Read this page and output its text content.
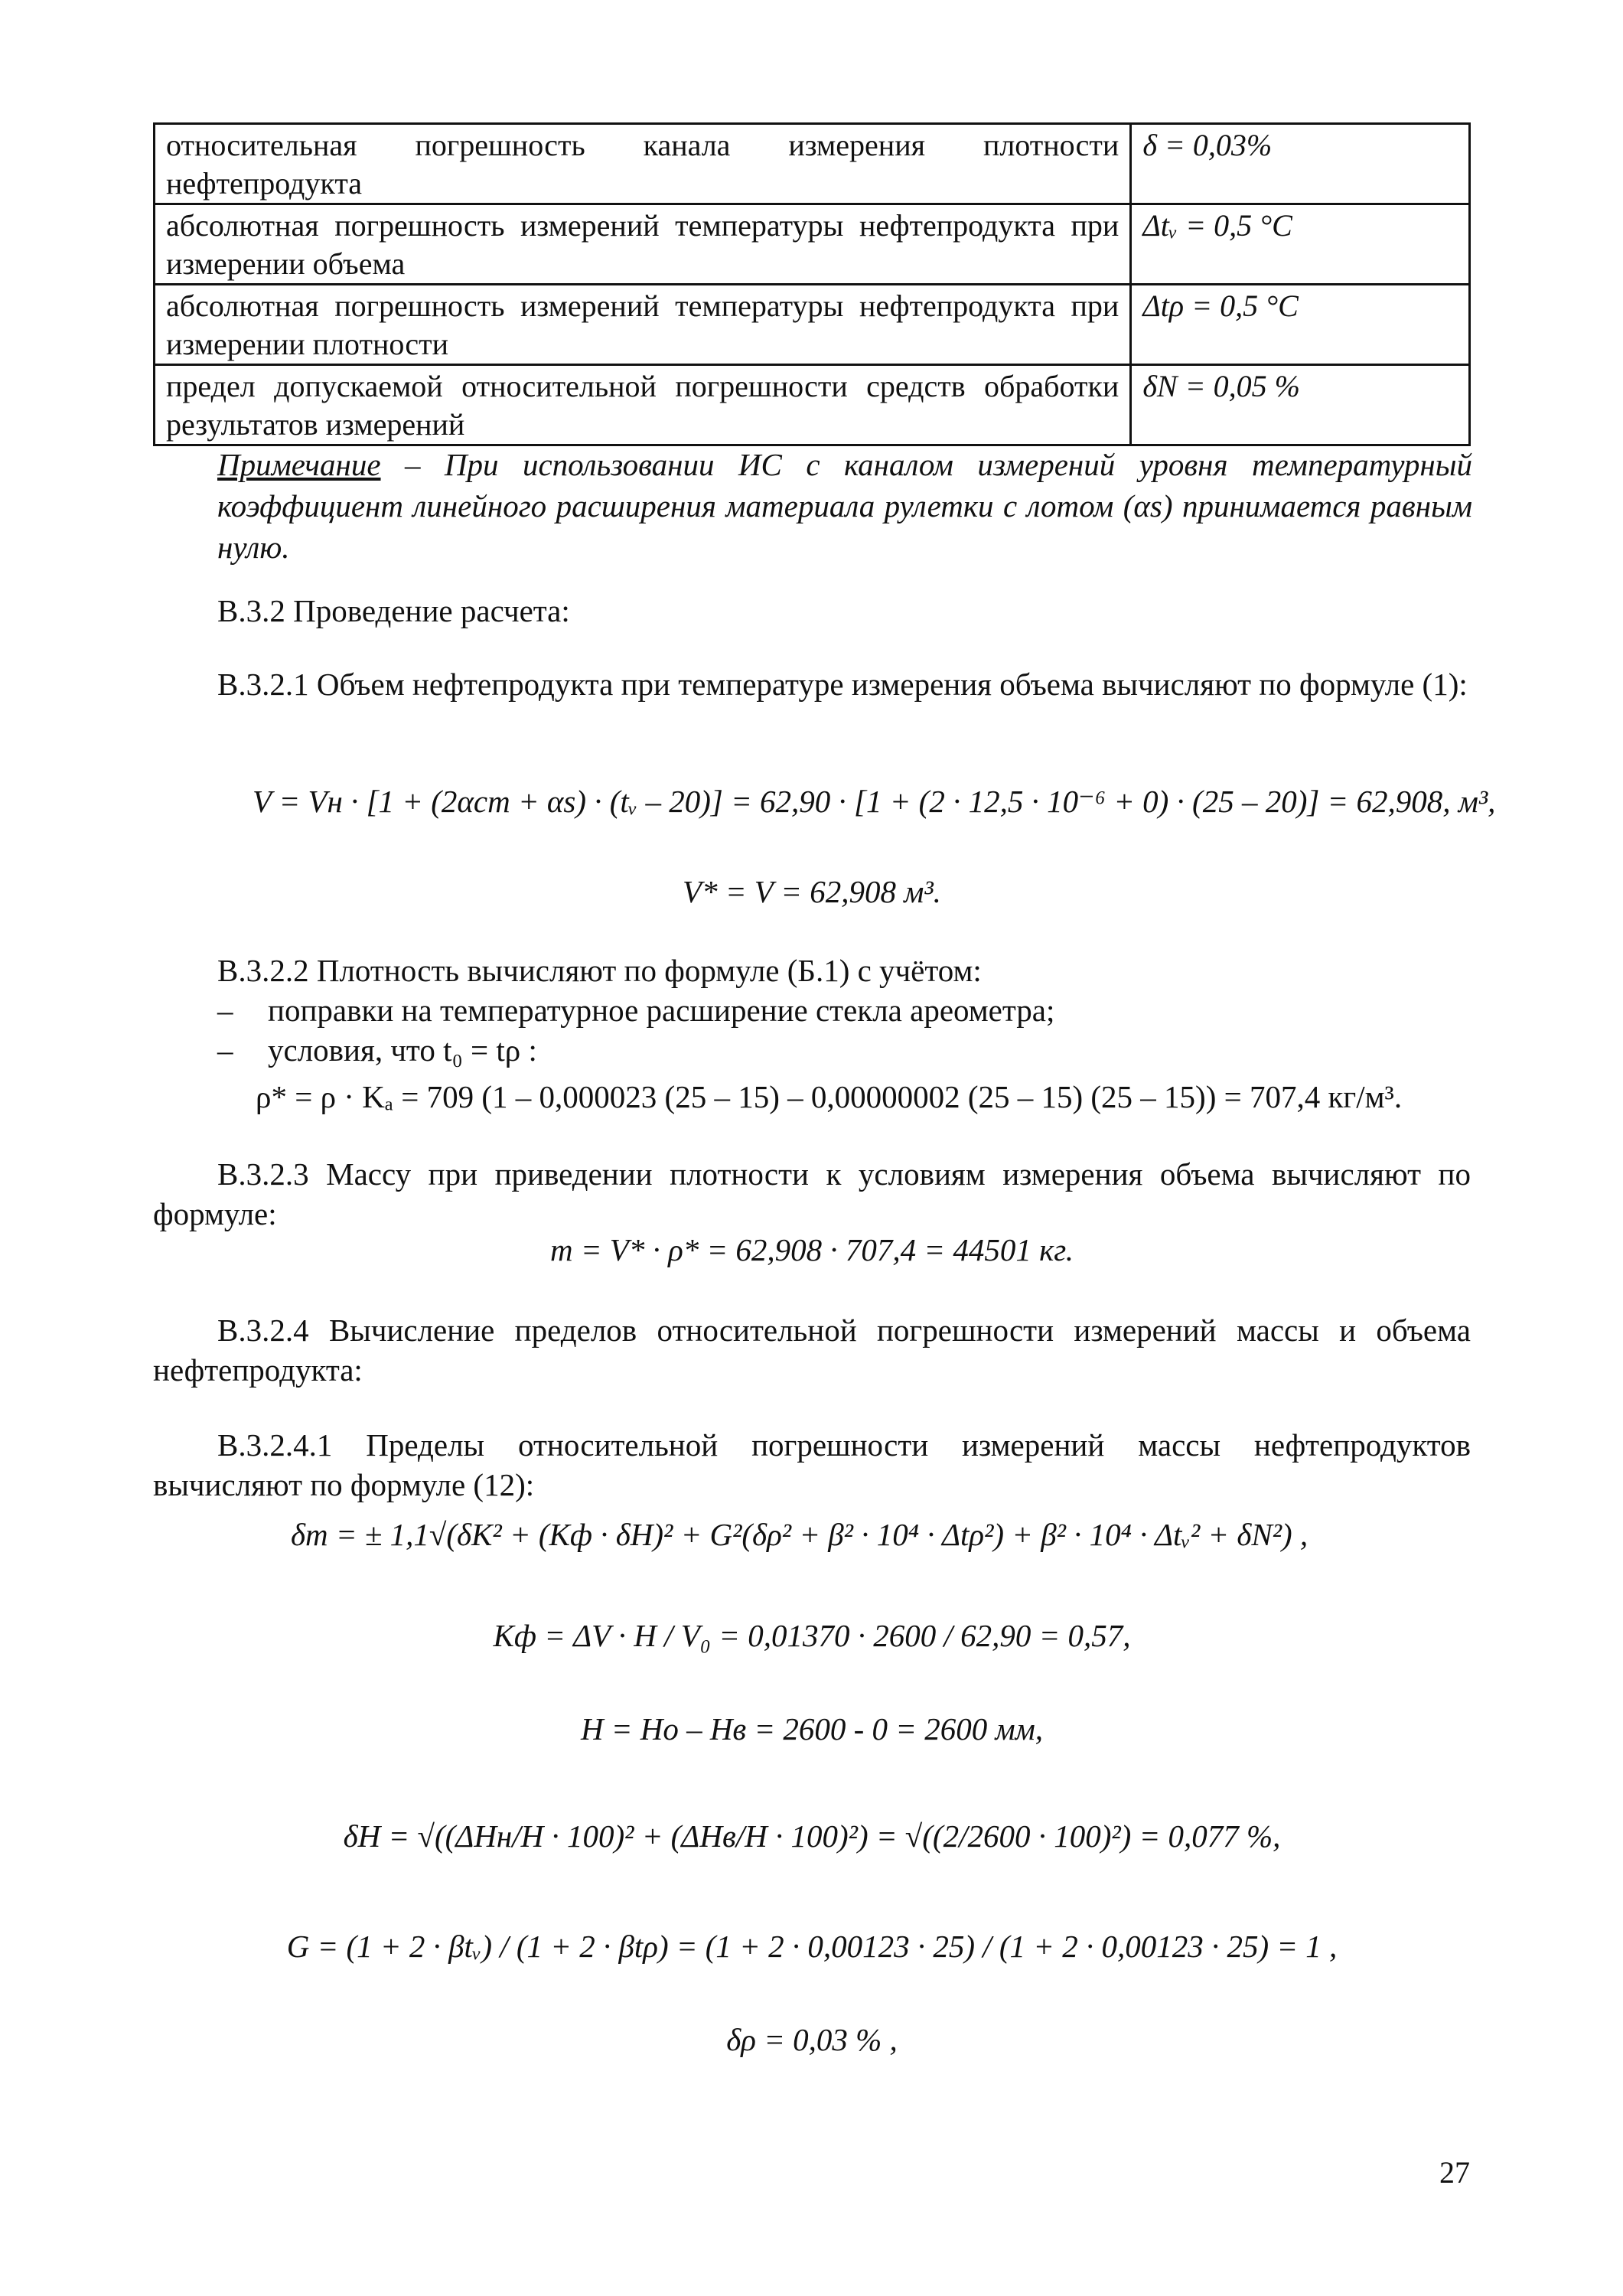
относительная погрешность канала измерения плотности нефтепродукта	δ = 0,03%
абсолютная погрешность измерений температуры нефтепродукта при измерении объема	Δtᵥ = 0,5 °C
абсолютная погрешность измерений температуры нефтепродукта при измерении плотности	Δtρ = 0,5 °C
предел допускаемой относительной погрешности средств обработки результатов измерений	δN = 0,05 %

Примечание – При использовании ИС с каналом измерений уровня температурный коэффициент линейного расширения материала рулетки с лотом (αs) принимается равным нулю.

В.3.2 Проведение расчета:

В.3.2.1 Объем нефтепродукта при температуре измерения объема вычисляют по формуле (1):

V = Vн · [1 + (2αст + αs) · (tᵥ – 20)] = 62,90 · [1 + (2 · 12,5 · 10⁻⁶ + 0) · (25 – 20)] = 62,908, м³,
V* = V = 62,908 м³.

В.3.2.2 Плотность вычисляют по формуле (Б.1) с учётом:

– поправки на температурное расширение стекла ареометра;

– условия, что t₀ = tρ :

ρ* = ρ · Kₐ = 709 (1 – 0,000023 (25 – 15) – 0,00000002 (25 – 15) (25 – 15)) = 707,4 кг/м³.

В.3.2.3 Массу при приведении плотности к условиям измерения объема вычисляют по формуле:

m = V* · ρ* = 62,908 · 707,4 = 44501 кг.

В.3.2.4 Вычисление пределов относительной погрешности измерений массы и объема нефтепродукта:

В.3.2.4.1 Пределы относительной погрешности измерений массы нефтепродуктов вычисляют по формуле (12):

δm = ± 1,1√(δK² + (Kф · δH)² + G²(δρ² + β² · 10⁴ · Δtρ²) + β² · 10⁴ · Δtᵥ² + δN²) ,
Kф = ΔV · H / V₀ = 0,01370 · 2600 / 62,90 = 0,57,
H = Hо – Hв = 2600 - 0 = 2600 мм,
δH = √((ΔHн/H · 100)² + (ΔHв/H · 100)²) = √((2/2600 · 100)²) = 0,077 %,
G = (1 + 2 · βtᵥ) / (1 + 2 · βtρ) = (1 + 2 · 0,00123 · 25) / (1 + 2 · 0,00123 · 25) = 1 ,
δρ = 0,03 % ,
27
